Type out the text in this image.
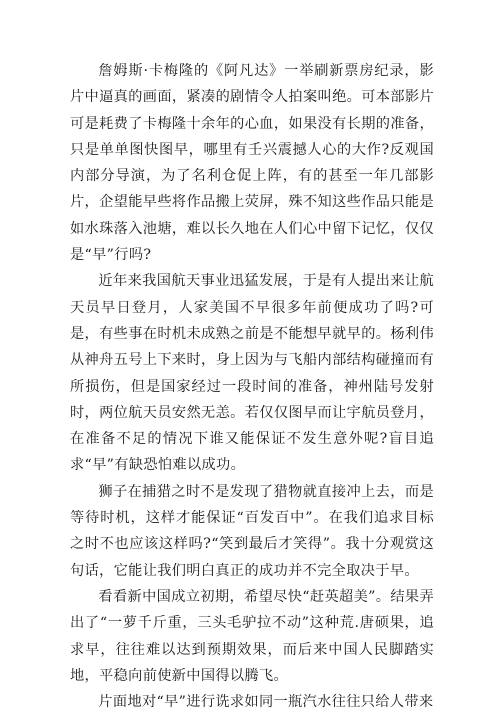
詹姆斯·卡梅隆的《阿凡达》一举刷新票房纪录，影片中逼真的画面，紧凑的剧情令人拍案叫绝。可本部影片可是耗费了卡梅隆十余年的心血，如果没有长期的准备，只是单单图快图早，哪里有壬兴震撼人心的大作?反观国内部分导演，为了名利仓促上阵，有的甚至一年几部影片，企望能早些将作品搬上荧屏，殊不知这些作品只能是如水珠落入池塘，难以长久地在人们心中留下记忆，仅仅是“早”行吗?

近年来我国航天事业迅猛发展，于是有人提出来让航天员早日登月，人家美国不早很多年前便成功了吗?可是，有些事在时机未成熟之前是不能想早就早的。杨利伟从神舟五号上下来时，身上因为与飞船内部结构碰撞而有所损伤，但是国家经过一段时间的准备，神州陆号发射时，两位航天员安然无恙。若仅仅图早而让宇航员登月，在准备不足的情况下谁又能保证不发生意外呢?盲目追求“早”有缺恐怕难以成功。

狮子在捕猎之时不是发现了猎物就直接冲上去，而是等待时机，这样才能保证“百发百中”。在我们追求目标之时不也应该这样吗?“笑到最后才笑得”。我十分观赏这句话，它能让我们明白真正的成功并不完全取决于早。

看看新中国成立初期，希望尽快“赶英超美”。结果弄出了“一萝千斤重，三头毛驴拉不动”这种荒.唐硕果，追求早，往往难以达到预期效果，而后来中国人民脚踏实地，平稳向前使新中国得以腾飞。

片面地对“早”进行诜求如同一瓶汽水往往只给人带来
